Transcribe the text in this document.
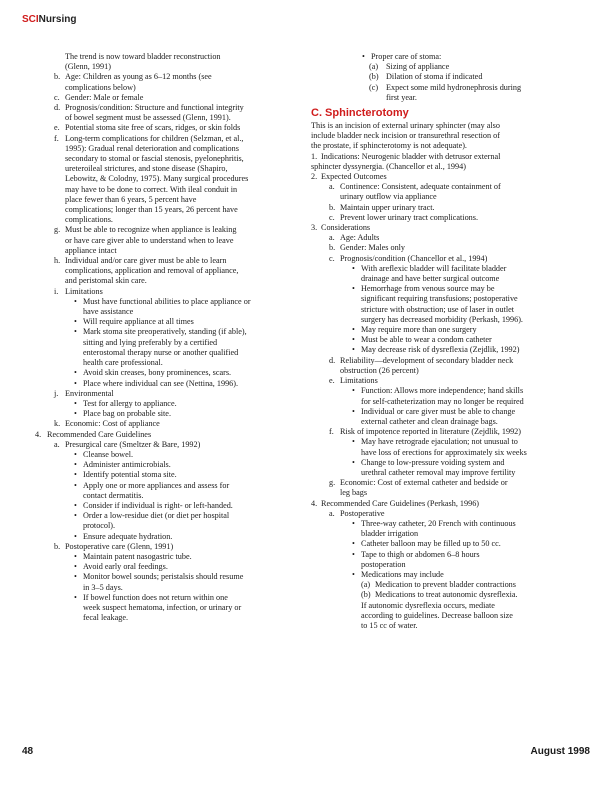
SCINursing
The trend is now toward bladder reconstruction
(Glenn, 1991)
b. Age: Children as young as 6–12 months (see
complications below)
c. Gender: Male or female
d. Prognosis/condition: Structure and functional integrity
of bowel segment must be assessed (Glenn, 1991).
e. Potential stoma site free of scars, ridges, or skin folds
f. Long-term complications for children (Selzman, et al.,
1995): Gradual renal deterioration and complications
secondary to stomal or fascial stenosis, pyelonephritis,
ureteroileal strictures, and stone disease (Shapiro,
Lebowitz, & Colodny, 1975). Many surgical procedures
may have to be done to correct. With ileal conduit in
place fewer than 6 years, 5 percent have
complications; longer than 15 years, 26 percent have
complications.
g. Must be able to recognize when appliance is leaking
or have care giver able to understand when to leave
appliance intact
h. Individual and/or care giver must be able to learn
complications, application and removal of appliance,
and peristomal skin care.
i. Limitations
• Must have functional abilities to place appliance or
have assistance
• Will require appliance at all times
• Mark stoma site preoperatively, standing (if able),
sitting and lying preferably by a certified
enterostomal therapy nurse or another qualified
health care professional.
• Avoid skin creases, bony prominences, scars.
• Place where individual can see (Nettina, 1996).
j. Environmental
• Test for allergy to appliance.
• Place bag on probable site.
k. Economic: Cost of appliance
4. Recommended Care Guidelines
a. Presurgical care (Smeltzer & Bare, 1992)
• Cleanse bowel.
• Administer antimicrobials.
• Identify potential stoma site.
• Apply one or more appliances and assess for
contact dermatitis.
• Consider if individual is right- or left-handed.
• Order a low-residue diet (or diet per hospital
protocol).
• Ensure adequate hydration.
b. Postoperative care (Glenn, 1991)
• Maintain patent nasogastric tube.
• Avoid early oral feedings.
• Monitor bowel sounds; peristalsis should resume
in 3–5 days.
• If bowel function does not return within one
week suspect hematoma, infection, or urinary or
fecal leakage.
• Proper care of stoma:
(a) Sizing of appliance
(b) Dilation of stoma if indicated
(c) Expect some mild hydronephrosis during
first year.
C. Sphincterotomy
This is an incision of external urinary sphincter (may also
include bladder neck incision or transurethral resection of
the prostate, if sphincterotomy is not adequate).
1. Indications: Neurogenic bladder with detrusor external
sphincter dyssynergia. (Chancellor et al., 1994)
2. Expected Outcomes
a. Continence: Consistent, adequate containment of
urinary outflow via appliance
b. Maintain upper urinary tract.
c. Prevent lower urinary tract complications.
3. Considerations
a. Age: Adults
b. Gender: Males only
c. Prognosis/condition (Chancellor et al., 1994)
• With areflexic bladder will facilitate bladder
drainage and have better surgical outcome
• Hemorrhage from venous source may be
significant requiring transfusions; postoperative
stricture with obstruction; use of laser in outlet
surgery has decreased morbidity (Perkash, 1996).
• May require more than one surgery
• Must be able to wear a condom catheter
• May decrease risk of dysreflexia (Zejdlik, 1992)
d. Reliability—development of secondary bladder neck
obstruction (26 percent)
e. Limitations
• Function: Allows more independence; hand skills
for self-catheterization may no longer be required
• Individual or care giver must be able to change
external catheter and clean drainage bags.
f. Risk of impotence reported in literature (Zejdlik, 1992)
• May have retrograde ejaculation; not unusual to
have loss of erections for approximately six weeks
• Change to low-pressure voiding system and
urethral catheter removal may improve fertility
g. Economic: Cost of external catheter and bedside or
leg bags
4. Recommended Care Guidelines (Perkash, 1996)
a. Postoperative
• Three-way catheter, 20 French with continuous
bladder irrigation
• Catheter balloon may be filled up to 50 cc.
• Tape to thigh or abdomen 6–8 hours
postoperation
• Medications may include
(a) Medication to prevent bladder contractions
(b) Medications to treat autonomic dysreflexia.
If autonomic dysreflexia occurs, mediate
according to guidelines. Decrease balloon size
to 15 cc of water.
48	August 1998
